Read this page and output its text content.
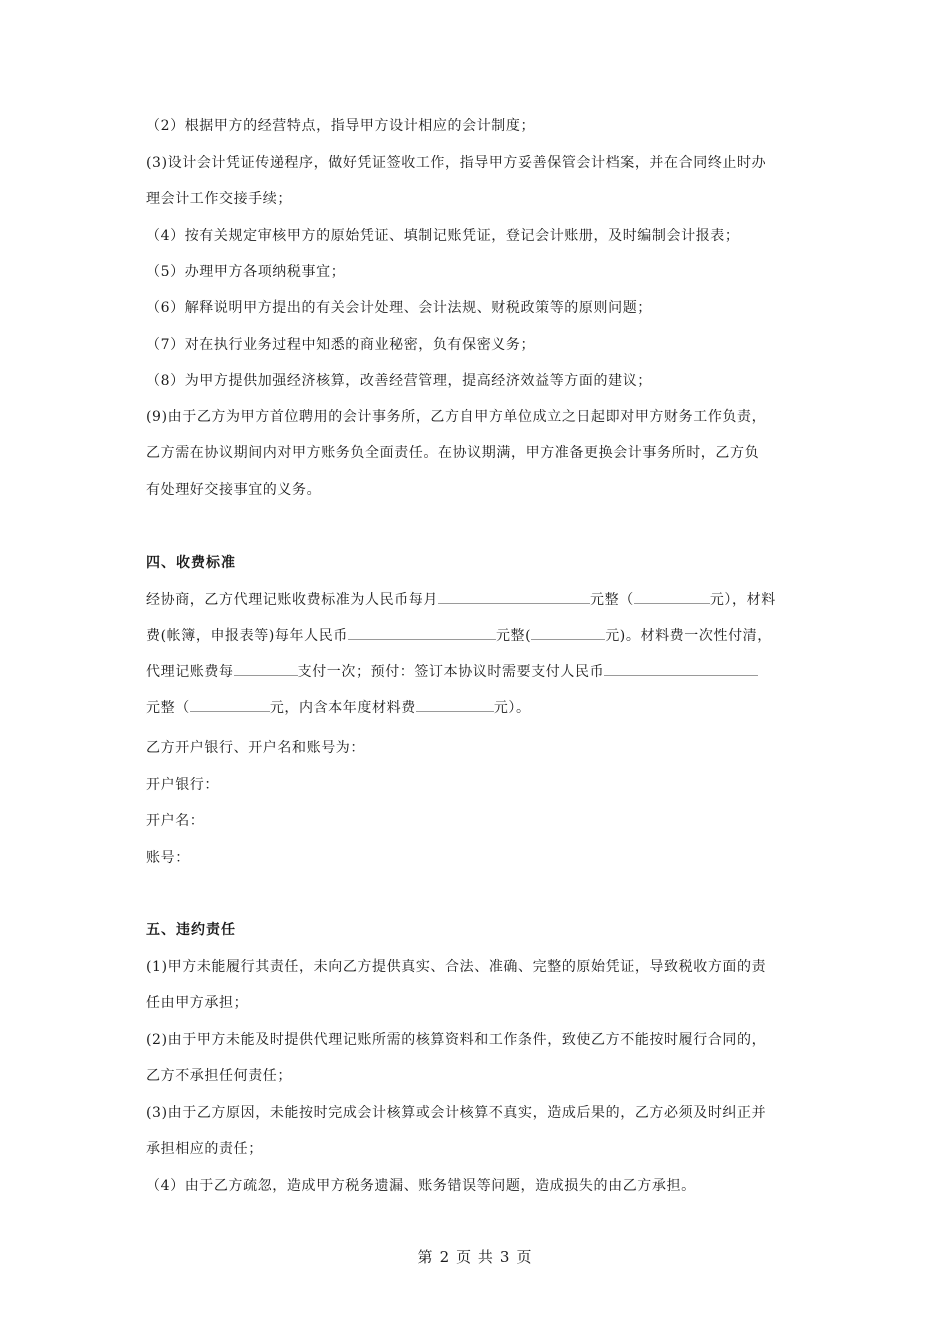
（2）根据甲方的经营特点，指导甲方设计相应的会计制度；
(3)设计会计凭证传递程序，做好凭证签收工作，指导甲方妥善保管会计档案，并在合同终止时办
理会计工作交接手续；
（4）按有关规定审核甲方的原始凭证、填制记账凭证，登记会计账册，及时编制会计报表；
（5）办理甲方各项纳税事宜；
（6）解释说明甲方提出的有关会计处理、会计法规、财税政策等的原则问题；
（7）对在执行业务过程中知悉的商业秘密，负有保密义务；
（8）为甲方提供加强经济核算，改善经营管理，提高经济效益等方面的建议；
(9)由于乙方为甲方首位聘用的会计事务所，乙方自甲方单位成立之日起即对甲方财务工作负责，
乙方需在协议期间内对甲方账务负全面责任。在协议期满，甲方准备更换会计事务所时，乙方负
有处理好交接事宜的义务。
四、收费标准
经协商，乙方代理记账收费标准为人民币每月	元整（	元），材料
费(帐簿，申报表等)每年人民币	元整(	元)。材料费一次性付清，
代理记账费每	支付一次；预付：签订本协议时需要支付人民币
元整（	元，内含本年度材料费	元）。
乙方开户银行、开户名和账号为：
开户银行：
开户名：
账号：
五、违约责任
(1)甲方未能履行其责任，未向乙方提供真实、合法、准确、完整的原始凭证，导致税收方面的责
任由甲方承担；
(2)由于甲方未能及时提供代理记账所需的核算资料和工作条件，致使乙方不能按时履行合同的，
乙方不承担任何责任；
(3)由于乙方原因，未能按时完成会计核算或会计核算不真实，造成后果的，乙方必须及时纠正并
承担相应的责任；
（4）由于乙方疏忽，造成甲方税务遗漏、账务错误等问题，造成损失的由乙方承担。
第 2 页 共 3 页
